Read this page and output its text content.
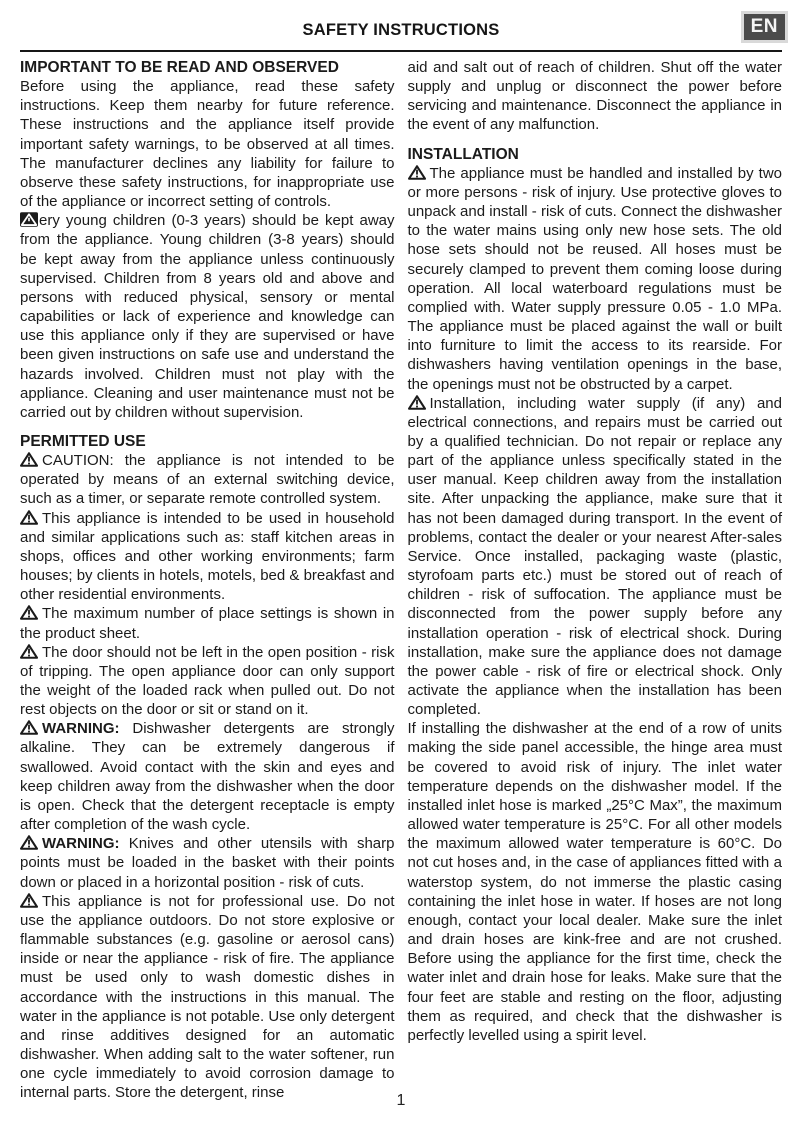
SAFETY INSTRUCTIONS	EN
IMPORTANT TO BE READ AND OBSERVED

Before using the appliance, read these safety instructions. Keep them nearby for future reference. These instructions and the appliance itself provide important safety warnings, to be observed at all times. The manufacturer declines any liability for failure to observe these safety instructions, for inappropriate use of the appliance or incorrect setting of controls.

ery young children (0-3 years) should be kept away from the appliance. Young children (3-8 years) should be kept away from the appliance unless continuously supervised. Children from 8 years old and above and persons with reduced physical, sensory or mental capabilities or lack of experience and knowledge can use this appliance only if they are supervised or have been given instructions on safe use and understand the hazards involved. Children must not play with the appliance. Cleaning and user maintenance must not be carried out by children without supervision.

PERMITTED USE

CAUTION: the appliance is not intended to be operated by means of an external switching device, such as a timer, or separate remote controlled system.

This appliance is intended to be used in household and similar applications such as: staff kitchen areas in shops, offices and other working environments; farm houses; by clients in hotels, motels, bed & breakfast and other residential environments.

The maximum number of place settings is shown in the product sheet.

The door should not be left in the open position - risk of tripping. The open appliance door can only support the weight of the loaded rack when pulled out. Do not rest objects on the door or sit or stand on it.

WARNING: Dishwasher detergents are strongly alkaline. They can be extremely dangerous if swallowed. Avoid contact with the skin and eyes and keep children away from the dishwasher when the door is open. Check that the detergent receptacle is empty after completion of the wash cycle.

WARNING: Knives and other utensils with sharp points must be loaded in the basket with their points down or placed in a horizontal position - risk of cuts.

This appliance is not for professional use. Do not use the appliance outdoors. Do not store explosive or flammable substances (e.g. gasoline or aerosol cans) inside or near the appliance - risk of fire. The appliance must be used only to wash domestic dishes in accordance with the instructions in this manual. The water in the appliance is not potable. Use only detergent and rinse additives designed for an automatic dishwasher. When adding salt to the water softener, run one cycle immediately to avoid corrosion damage to internal parts. Store the detergent, rinse

aid and salt out of reach of children. Shut off the water supply and unplug or disconnect the power before servicing and maintenance. Disconnect the appliance in the event of any malfunction.

INSTALLATION

The appliance must be handled and installed by two or more persons - risk of injury. Use protective gloves to unpack and install - risk of cuts. Connect the dishwasher to the water mains using only new hose sets. The old hose sets should not be reused. All hoses must be securely clamped to prevent them coming loose during operation. All local waterboard regulations must be complied with. Water supply pressure 0.05 - 1.0 MPa. The appliance must be placed against the wall or built into furniture to limit the access to its rearside. For dishwashers having ventilation openings in the base, the openings must not be obstructed by a carpet.

Installation, including water supply (if any) and electrical connections, and repairs must be carried out by a qualified technician. Do not repair or replace any part of the appliance unless specifically stated in the user manual. Keep children away from the installation site. After unpacking the appliance, make sure that it has not been damaged during transport. In the event of problems, contact the dealer or your nearest After-sales Service. Once installed, packaging waste (plastic, styrofoam parts etc.) must be stored out of reach of children - risk of suffocation. The appliance must be disconnected from the power supply before any installation operation - risk of electrical shock. During installation, make sure the appliance does not damage the power cable - risk of fire or electrical shock. Only activate the appliance when the installation has been completed.

If installing the dishwasher at the end of a row of units making the side panel accessible, the hinge area must be covered to avoid risk of injury. The inlet water temperature depends on the dishwasher model. If the installed inlet hose is marked „25°C Max”, the maximum allowed water temperature is 25°C. For all other models the maximum allowed water temperature is 60°C. Do not cut hoses and, in the case of appliances fitted with a waterstop system, do not immerse the plastic casing containing the inlet hose in water. If hoses are not long enough, contact your local dealer. Make sure the inlet and drain hoses are kink-free and are not crushed. Before using the appliance for the first time, check the water inlet and drain hose for leaks. Make sure that the four feet are stable and resting on the floor, adjusting them as required, and check that the dishwasher is perfectly levelled using a spirit level.

1
